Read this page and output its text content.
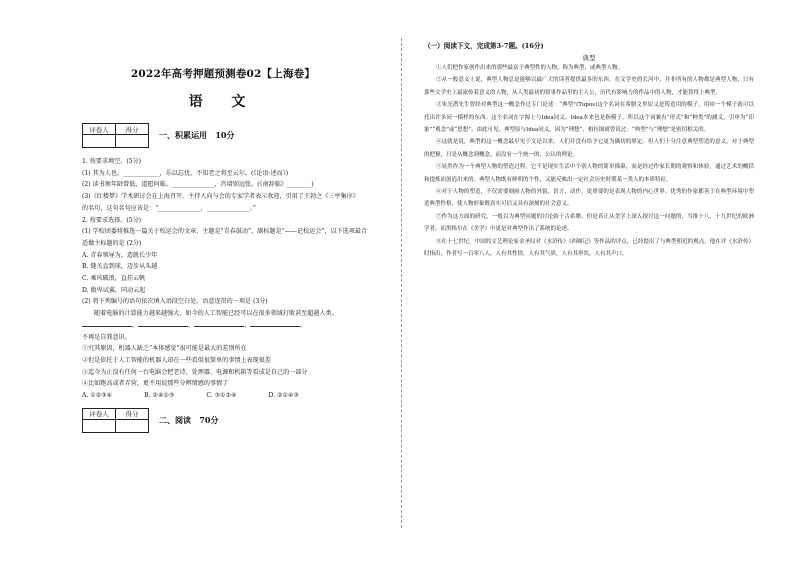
2022年高考押题预测卷02【上海卷】
语 文
评卷人	得分

一、积累运用 10分
1. 按要求填空。(5分)
(1) 其为人也，____________，乐以忘忧，不知老之将至云尔。(《论语·述而》)
(2) 读书须年龄曾低，道愿何临。______________，宫墙别远张。(《南辞临》________)
(3)《红楼梦》学术研讨会在上海召开，主持人向与会的专家学者表示欢迎，引用了王勃之《三亭集序》
的名句，这句名句应该是：“______________，______________。”
2. 按要求选择。(5分)
(1) 学校团委将推选一篇关于校运会的文章，主题是“青春鼓动”，副标题是“——记校运会”，以下选项最合
适做主标题的是 (2分)
A. 青春领导为，造就长少年
B. 缝关直到球，迈步从头越
C. 乘风破浪，直挂云帆
D. 傲卑试翼，同动云起
(2) 将下列编号的语句依次填入语段空白处，语意连贯的一项是 (3分)
随着电脑的计算能力越来越强大，如今的人工智能已经可以在很多领域打败甚至超越人类。
，	，	，	。
不再是自我意识。
①究其原因，机器人缺乏“本体感觉”很可能是最大的差别所在
②但是依托于人工智能的机器人却在一些看似很简单的事情上表现很差
③迄今为止没有任何一台电脑会把老诗、处理器、电源和机箱等看成是自己的一部分
④比如跑高或者弄营，更不用说那些分辨情感的事情了
A. ①②③④	B. ②④①③	C. ③①②④	D. ②①④③
评卷人	得分

二、阅读 70分
（一）阅读下文，完成第3-7题。(16分)
典型

①人们把作家创作出来的那些最富于典型性的人物，称为典型，或典型人物。

②从一般意义上说，典型人物总是能够以最广大的读者提供最多的东西。在文学史的长河中，并非所有的人物都是典型人物，只有那些文学史上最流传着意义的人物，从人类最初的叙事作品里的主人公，历代有影响力的作品中的人物，才能算得上典型。

③朱光潜先生曾经对典型这一概念作过专门论述：“典型”(Tupos)这个名词在希腊文里原义是铸造用的模子，用同一个模子就可以托出许多同一模样的东西。这个名词在字源上与Idea同义。Idea本来也是指模子，所以这个词兼有“形式”和“种类”的涵义，引申为“印象”“观念”或“思想”。由此可见，典型原与Idea同义，因为“理想”，柏拉图就曾说过：“典型”与“理想”是密切相关的。

④这就是说，典型的这一概念最早见于文论以来，人们并没有给予它更为确切的界定。但人们十分注意典型塑造的意义，对于典型的把握，只是从概念到概念，而没有一个统一的、公认的理论。

⑤显然作为一个典型人物的塑造过程，它不是现实生活中个别人物的简单描摹，而是经过作家长期的观察和体验，通过艺术的概括和提炼而创造出来的。典型人物既有鲜明的个性，又能反映出一定社会历史时期某一类人的本质特征。

⑥对于人物的塑造，不仅需要刻画人物的外貌、语言、动作，更重要的是表现人物的内心世界。优秀的作家都善于在典型环境中塑造典型性格，使人物形象既真实可信又具有深刻的社会意义。

⑦作为这方面的研究，一般以为典型问题的讨论始于古希腊，但是真正从美学上深入探讨这一问题的，当推十八、十九世纪的欧洲学者，而黑格尔在《美学》中更是对典型作出了系统的论述。

⑧在十七世纪，中国的文艺理论家金圣叹对《水浒传》《西厢记》等作品的评点，已经提出了与典型相近的观点，他在评《水浒传》时指出，作者写一百零八人，人有其性情，人有其气质，人有其形状，人有其声口。
